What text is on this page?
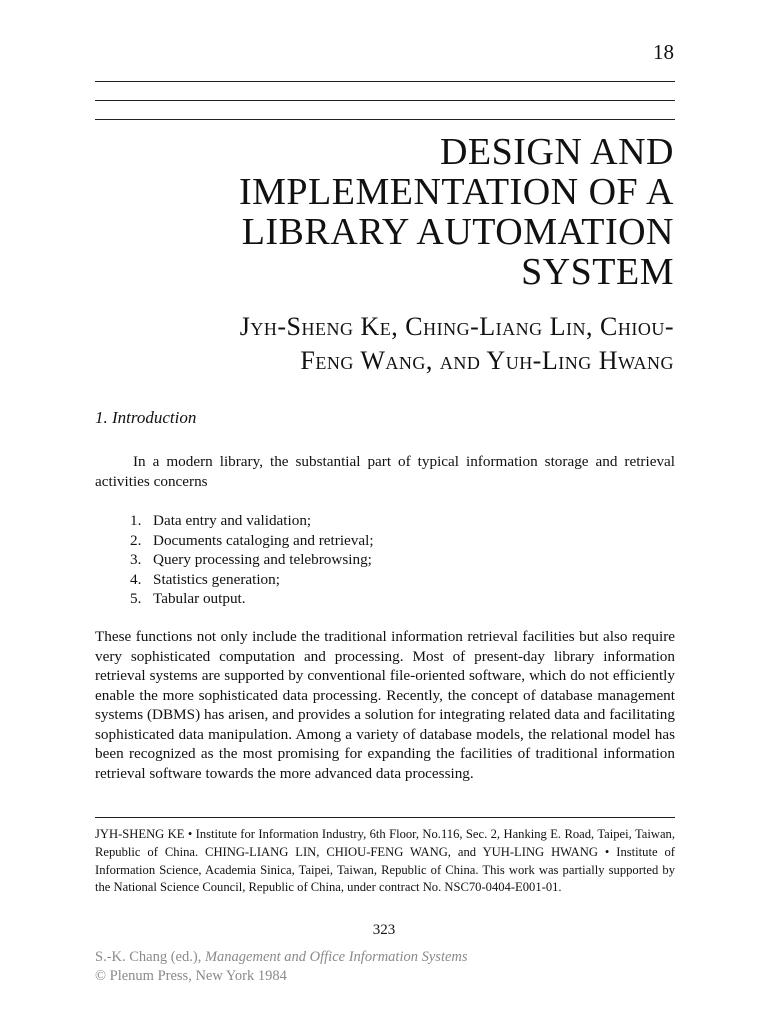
18
DESIGN AND
IMPLEMENTATION OF A
LIBRARY AUTOMATION
SYSTEM
Jyh-Sheng Ke, Ching-Liang Lin, Chiou-
Feng Wang, and Yuh-Ling Hwang
1. Introduction
In a modern library, the substantial part of typical information storage and retrieval activities concerns
1. Data entry and validation;
2. Documents cataloging and retrieval;
3. Query processing and telebrowsing;
4. Statistics generation;
5. Tabular output.
These functions not only include the traditional information retrieval facilities but also require very sophisticated computation and processing. Most of present-day library information retrieval systems are supported by conventional file-oriented software, which do not efficiently enable the more sophisticated data processing. Recently, the concept of database management systems (DBMS) has arisen, and provides a solution for integrating related data and facilitating sophisticated data manipulation. Among a variety of database models, the relational model has been recognized as the most promising for expanding the facilities of traditional information retrieval software towards the more advanced data processing.
JYH-SHENG KE • Institute for Information Industry, 6th Floor, No.116, Sec. 2, Hanking E. Road, Taipei, Taiwan, Republic of China. CHING-LIANG LIN, CHIOU-FENG WANG, and YUH-LING HWANG • Institute of Information Science, Academia Sinica, Taipei, Taiwan, Republic of China. This work was partially supported by the National Science Council, Republic of China, under contract No. NSC70-0404-E001-01.
323
S.-K. Chang (ed.), Management and Office Information Systems
© Plenum Press, New York 1984
